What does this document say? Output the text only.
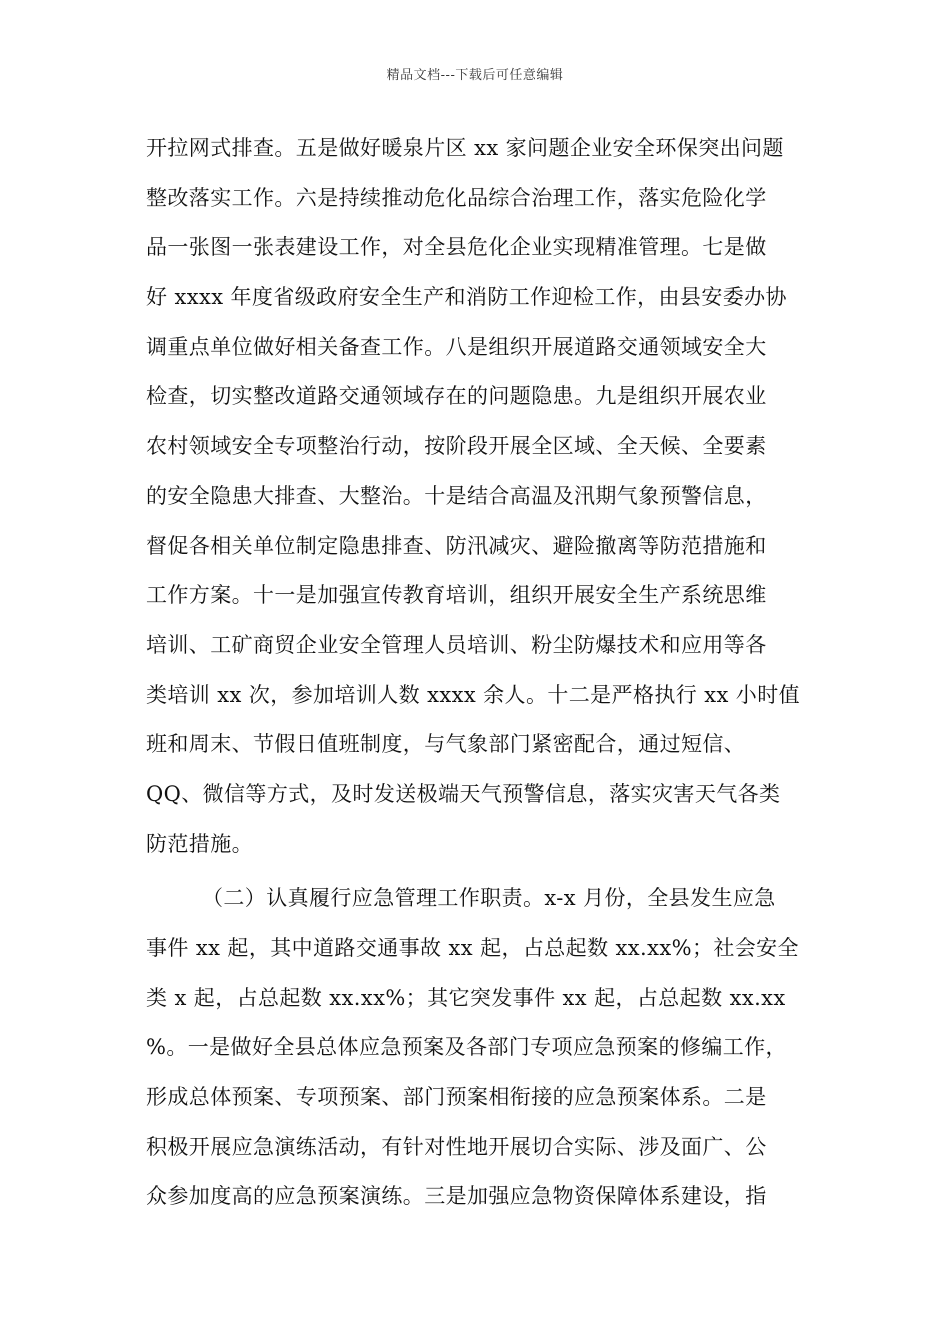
精品文档---下载后可任意编辑
开拉网式排查。五是做好暖泉片区 xx 家问题企业安全环保突出问题
整改落实工作。六是持续推动危化品综合治理工作，落实危险化学
品一张图一张表建设工作，对全县危化企业实现精准管理。七是做
好 xxxx 年度省级政府安全生产和消防工作迎检工作，由县安委办协
调重点单位做好相关备查工作。八是组织开展道路交通领域安全大
检查，切实整改道路交通领域存在的问题隐患。九是组织开展农业
农村领域安全专项整治行动，按阶段开展全区域、全天候、全要素
的安全隐患大排查、大整治。十是结合高温及汛期气象预警信息，
督促各相关单位制定隐患排查、防汛减灾、避险撤离等防范措施和
工作方案。十一是加强宣传教育培训，组织开展安全生产系统思维
培训、工矿商贸企业安全管理人员培训、粉尘防爆技术和应用等各
类培训 xx 次，参加培训人数 xxxx 余人。十二是严格执行 xx 小时值
班和周末、节假日值班制度，与气象部门紧密配合，通过短信、
QQ、微信等方式，及时发送极端天气预警信息，落实灾害天气各类
防范措施。
（二）认真履行应急管理工作职责。x-x 月份，全县发生应急
事件 xx 起，其中道路交通事故 xx 起，占总起数 xx.xx%；社会安全
类 x 起，占总起数 xx.xx%；其它突发事件 xx 起，占总起数 xx.xx
%。一是做好全县总体应急预案及各部门专项应急预案的修编工作，
形成总体预案、专项预案、部门预案相衔接的应急预案体系。二是
积极开展应急演练活动，有针对性地开展切合实际、涉及面广、公
众参加度高的应急预案演练。三是加强应急物资保障体系建设，指
